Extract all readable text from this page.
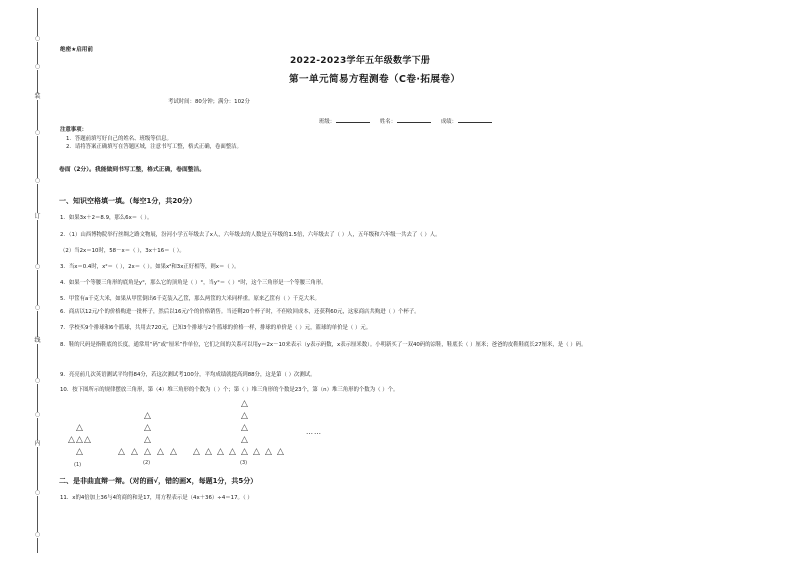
○
○
装
○
○
订
○
○
线
○
○
内
○
○
绝密★启用前
2022-2023学年五年级数学下册
第一单元简易方程测卷（C卷·拓展卷）
考试时间：80分钟；满分：102分
班级：	姓名：	成绩：
注意事项：
1．答题前填写好自己的姓名、班级等信息。
2．请将答案正确填写在答题区域，注意书写工整，格式正确，卷面整洁。
卷面（2分）。我能做到书写工整，格式正确，卷面整洁。
一、知识空格填一填。（每空1分，共20分）
1．如果3x＋2＝8.9，那么6x＝（ ）。
2．（1）山西博物院举行丝绸之路文物展，汾河小学五年级去了x人，六年级去的人数是五年级的1.5倍，六年级去了（ ）人，五年级和六年级一共去了（ ）人。
（2）当2x＝10时，58－x＝（ ），3x＋16＝（ ）。
3．当x＝0.4时，x²＝（ ），2x＝（ ）。如果x²和3x正好相等，则x＝（ ）。
4．如果一个等腰三角形的底角是y°，那么它的顶角是（ ）°，当y°＝（ ）°时，这个三角形是一个等腰三角形。
5．甲筐有a千克大米，如果从甲筐倒出6千克装入乙筐，那么两筐的大米同样重。原来乙筐有（ ）千克大米。
6．商店以12元/个的价格购进一批杯子，然后以16元/个的价格销售。当还剩20个杯子时，不但收回成本，还获利60元，这家商店共购进（ ）个杯子。
7．学校买9个排球和6个篮球，共用去720元，已知3个排球与2个篮球的价格一样，排球的单价是（ ）元，篮球的单价是（ ）元。
8．鞋的尺码是指鞋底的长度，通常用“码”或“厘米”作单位，它们之间的关系可以用y＝2x－10来表示（y表示码数，x表示厘米数）。小明新买了一双40码的凉鞋，鞋底长（ ）厘米；爸爸的皮鞋鞋底长27厘米，是（ ）码。
9．亮亮前几次英语测试平均得84分，若这次测试考100分，平均成绩就提高到88分，这是第（ ）次测试。
10．按下图所示的规律摆放三角形，第（4）堆三角形的个数为（ ）个；第（ ）堆三角形的个数是23个，第（n）堆三角形的个数为（ ）个。
△
△ △ △
△
(1)
△
△
△
△ △ △ △ △
(2)
△
△
△
△
△ △ △ △ △ △ △ △
(3)
……
二、是非曲直辩一辩。（对的画√，错的画X，每题1分，共5分）
11．x的4倍加上36与4的商的和是17，用方程表示是（4x＋36）÷4＝17。（ ）
